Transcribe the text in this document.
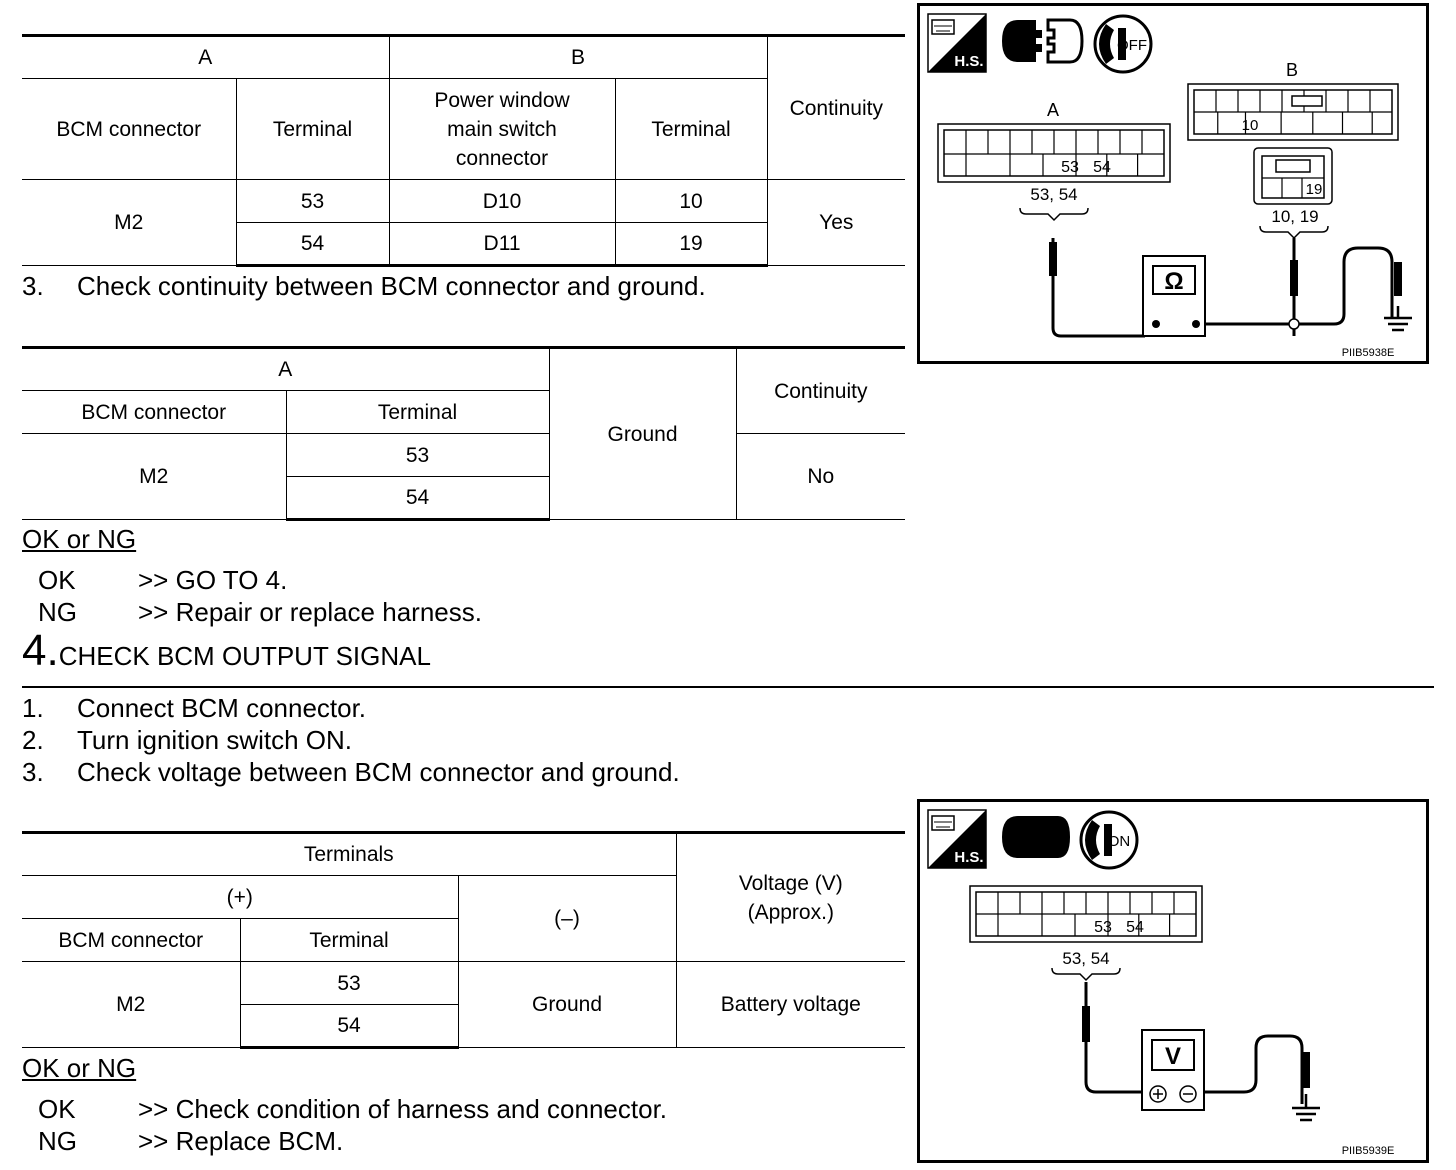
A		B		Continuity
BCM connector	Terminal	Power window main switch connector	Terminal	
M2	53	D10	10	Yes
	54	D11	19	
3. Check continuity between BCM connector and ground.
A		Ground	Continuity
BCM connector	Terminal		
M2	53		No
	54		
OK or NG
OK >> GO TO 4.
NG >> Repair or replace harness.
4.CHECK BCM OUTPUT SIGNAL
1. Connect BCM connector.
2. Turn ignition switch ON.
3. Check voltage between BCM connector and ground.
Terminals			Voltage (V)
(Approx.)

(+)		(–)	
BCM connector	Terminal		
M2	53	Ground	Battery voltage
	54		
OK or NG
OK >> Check condition of harness and connector.
NG >> Replace BCM.
H.S.
OFF
A
53 54
53, 54
B
10
19
10, 19
Ω
PIIB5938E
H.S.
ON
53 54
53, 54
V
PIIB5939E
